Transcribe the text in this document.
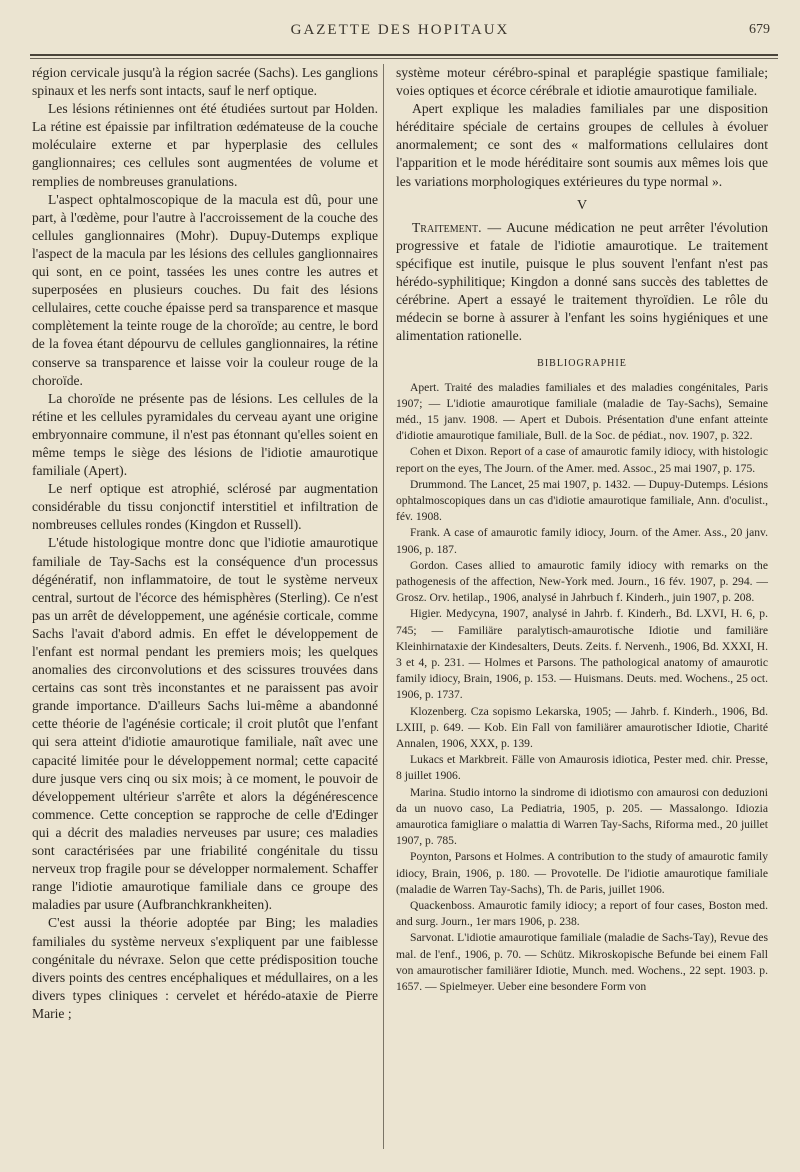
GAZETTE DES HOPITAUX	679

région cervicale jusqu'à la région sacrée (Sachs). Les ganglions spinaux et les nerfs sont intacts, sauf le nerf optique.

Les lésions rétiniennes ont été étudiées surtout par Holden. La rétine est épaissie par infiltration œdémateuse de la couche moléculaire externe et par hyperplasie des cellules ganglionnaires; ces cellules sont augmentées de volume et remplies de nombreuses granulations.

L'aspect ophtalmoscopique de la macula est dû, pour une part, à l'œdème, pour l'autre à l'accroissement de la couche des cellules ganglionnaires (Mohr). Dupuy-Dutemps explique l'aspect de la macula par les lésions des cellules ganglionnaires qui sont, en ce point, tassées les unes contre les autres et superposées en plusieurs couches. Du fait des lésions cellulaires, cette couche épaisse perd sa transparence et masque complètement la teinte rouge de la choroïde; au centre, le bord de la fovea étant dépourvu de cellules ganglionnaires, la rétine conserve sa transparence et laisse voir la couleur rouge de la choroïde.

La choroïde ne présente pas de lésions. Les cellules de la rétine et les cellules pyramidales du cerveau ayant une origine embryonnaire commune, il n'est pas étonnant qu'elles soient en même temps le siège des lésions de l'idiotie amaurotique familiale (Apert).

Le nerf optique est atrophié, sclérosé par augmentation considérable du tissu conjonctif interstitiel et infiltration de nombreuses cellules rondes (Kingdon et Russell).

L'étude histologique montre donc que l'idiotie amaurotique familiale de Tay-Sachs est la conséquence d'un processus dégénératif, non inflammatoire, de tout le système nerveux central, surtout de l'écorce des hémisphères (Sterling). Ce n'est pas un arrêt de développement, une agénésie corticale, comme Sachs l'avait d'abord admis. En effet le développement de l'enfant est normal pendant les premiers mois; les quelques anomalies des circonvolutions et des scissures trouvées dans certains cas sont très inconstantes et ne paraissent pas avoir grande importance. D'ailleurs Sachs lui-même a abandonné cette théorie de l'agénésie corticale; il croit plutôt que l'enfant qui sera atteint d'idiotie amaurotique familiale, naît avec une capacité limitée pour le développement normal; cette capacité dure jusque vers cinq ou six mois; à ce moment, le pouvoir de développement ultérieur s'arrête et alors la dégénérescence commence. Cette conception se rapproche de celle d'Edinger qui a décrit des maladies nerveuses par usure; ces maladies sont caractérisées par une friabilité congénitale du tissu nerveux trop fragile pour se développer normalement. Schaffer range l'idiotie amaurotique familiale dans ce groupe des maladies par usure (Aufbranchkrankheiten).

C'est aussi la théorie adoptée par Bing; les maladies familiales du système nerveux s'expliquent par une faiblesse congénitale du névraxe. Selon que cette prédisposition touche divers points des centres encéphaliques et médullaires, on a les divers types cliniques : cervelet et hérédo-ataxie de Pierre Marie ;

système moteur cérébro-spinal et paraplégie spastique familiale; voies optiques et écorce cérébrale et idiotie amaurotique familiale.

Apert explique les maladies familiales par une disposition héréditaire spéciale de certains groupes de cellules à évoluer anormalement; ce sont des « malformations cellulaires dont l'apparition et le mode héréditaire sont soumis aux mêmes lois que les variations morphologiques extérieures du type normal ».

V

Traitement. — Aucune médication ne peut arrêter l'évolution progressive et fatale de l'idiotie amaurotique. Le traitement spécifique est inutile, puisque le plus souvent l'enfant n'est pas hérédo-syphilitique; Kingdon a donné sans succès des tablettes de cérébrine. Apert a essayé le traitement thyroïdien. Le rôle du médecin se borne à assurer à l'enfant les soins hygiéniques et une alimentation rationelle.

BIBLIOGRAPHIE

Apert. Traité des maladies familiales et des maladies congénitales, Paris 1907; — L'idiotie amaurotique familiale (maladie de Tay-Sachs), Semaine méd., 15 janv. 1908. — Apert et Dubois. Présentation d'une enfant atteinte d'idiotie amaurotique familiale, Bull. de la Soc. de pédiat., nov. 1907, p. 322.

Cohen et Dixon. Report of a case of amaurotic family idiocy, with histologic report on the eyes, The Journ. of the Amer. med. Assoc., 25 mai 1907, p. 175.

Drummond. The Lancet, 25 mai 1907, p. 1432. — Dupuy-Dutemps. Lésions ophtalmoscopiques dans un cas d'idiotie amaurotique familiale, Ann. d'oculist., fév. 1908.

Frank. A case of amaurotic family idiocy, Journ. of the Amer. Ass., 20 janv. 1906, p. 187.

Gordon. Cases allied to amaurotic family idiocy with remarks on the pathogenesis of the affection, New-York med. Journ., 16 fév. 1907, p. 294. — Grosz. Orv. hetilap., 1906, analysé in Jahrbuch f. Kinderh., juin 1907, p. 208.

Higier. Medycyna, 1907, analysé in Jahrb. f. Kinderh., Bd. LXVI, H. 6, p. 745; — Familiäre paralytisch-amaurotische Idiotie und familiäre Kleinhirnataxie der Kindesalters, Deuts. Zeits. f. Nervenh., 1906, Bd. XXXI, H. 3 et 4, p. 231. — Holmes et Parsons. The pathological anatomy of amaurotic family idiocy, Brain, 1906, p. 153. — Huismans. Deuts. med. Wochens., 25 oct. 1906, p. 1737.

Klozenberg. Cza sopismo Lekarska, 1905; — Jahrb. f. Kinderh., 1906, Bd. LXIII, p. 649. — Kob. Ein Fall von familiärer amaurotischer Idiotie, Charité Annalen, 1906, XXX, p. 139.

Lukacs et Markbreit. Fälle von Amaurosis idiotica, Pester med. chir. Presse, 8 juillet 1906.

Marina. Studio intorno la sindrome di idiotismo con amaurosi con deduzioni da un nuovo caso, La Pediatria, 1905, p. 205. — Massalongo. Idiozia amaurotica famigliare o malattia di Warren Tay-Sachs, Riforma med., 20 juillet 1907, p. 785.

Poynton, Parsons et Holmes. A contribution to the study of amaurotic family idiocy, Brain, 1906, p. 180. — Provotelle. De l'idiotie amaurotique familiale (maladie de Warren Tay-Sachs), Th. de Paris, juillet 1906.

Quackenboss. Amaurotic family idiocy; a report of four cases, Boston med. and surg. Journ., 1er mars 1906, p. 238.

Sarvonat. L'idiotie amaurotique familiale (maladie de Sachs-Tay), Revue des mal. de l'enf., 1906, p. 70. — Schütz. Mikroskopische Befunde bei einem Fall von amaurotischer familiärer Idiotie, Munch. med. Wochens., 22 sept. 1903. p. 1657. — Spielmeyer. Ueber eine besondere Form von
